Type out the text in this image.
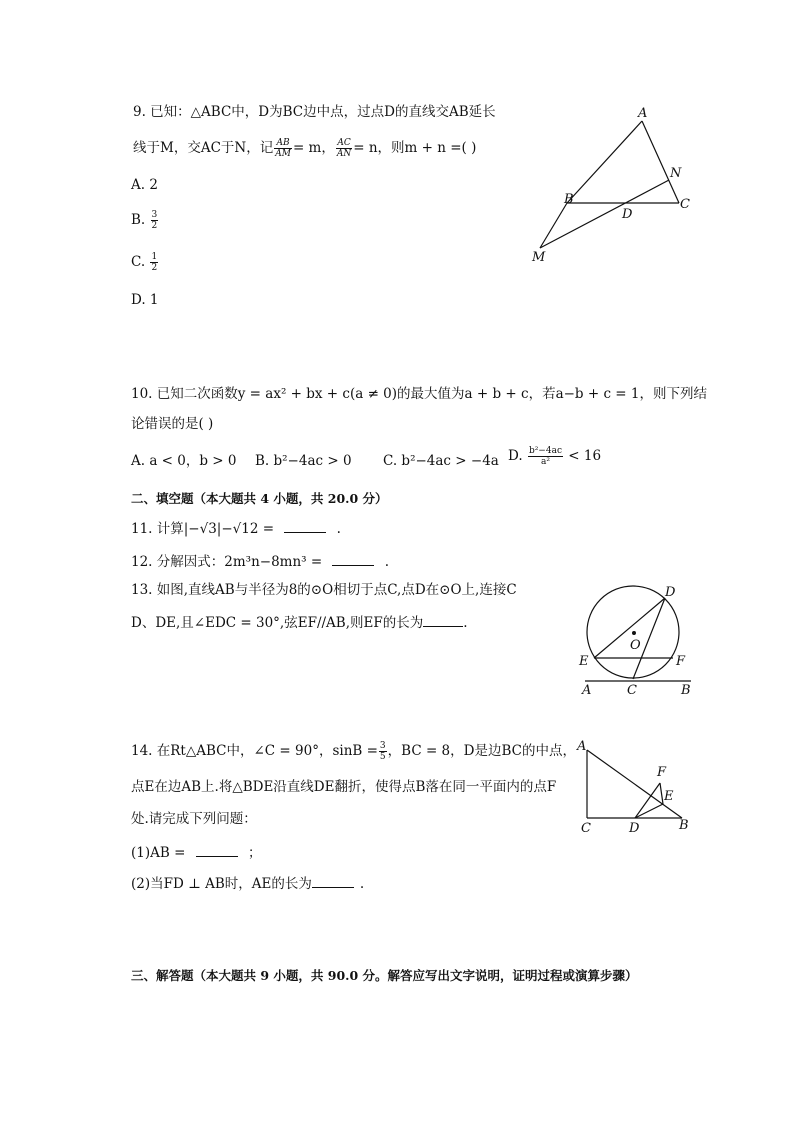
9. 已知：△ABC中，D为BC边中点，过点D的直线交AB延长
线于M，交AC于N，记 $\frac{AB}{AM} = m$， $\frac{AC}{AN} = n$，则m + n =( )
A. 2
B. $\frac{3}{2}$
C. $\frac{1}{2}$
D. 1
A
B	C
D
N
M
10. 已知二次函数y = ax² + bx + c(a ≠ 0)的最大值为a + b + c，若a−b + c = 1，则下列结
论错误的是( )
A. a < 0，b > 0 B. b²−4ac > 0 C. b²−4ac > −4a D. $\frac{\text{b²−4ac}}{\text{a²}} < 16$
二、填空题（本大题共 4 小题，共 20.0 分）
11. 计算|−√3|−√12 =	.
12. 分解因式：2m³n−8mn³ =	.
13. 如图,直线AB与半径为8的⊙O相切于点C,点D在⊙O上,连接C
D、DE,且∠EDC = 30°,弦EF//AB,则EF的长为	.
D
O
E	F
A	C	B
14. 在Rt△ABC中，∠C = 90°，$\sin B = \frac{3}{5}$ ，BC = 8，D是边BC的中点，
点E在边AB上.将△BDE沿直线DE翻折，使得点B落在同一平面内的点F
处.请完成下列问题：
(1)AB =	；
(2)当FD ⊥ AB时，AE的长为	.
A
F
E
C	D	B
三、解答题（本大题共 9 小题，共 90.0 分。解答应写出文字说明，证明过程或演算步骤）
